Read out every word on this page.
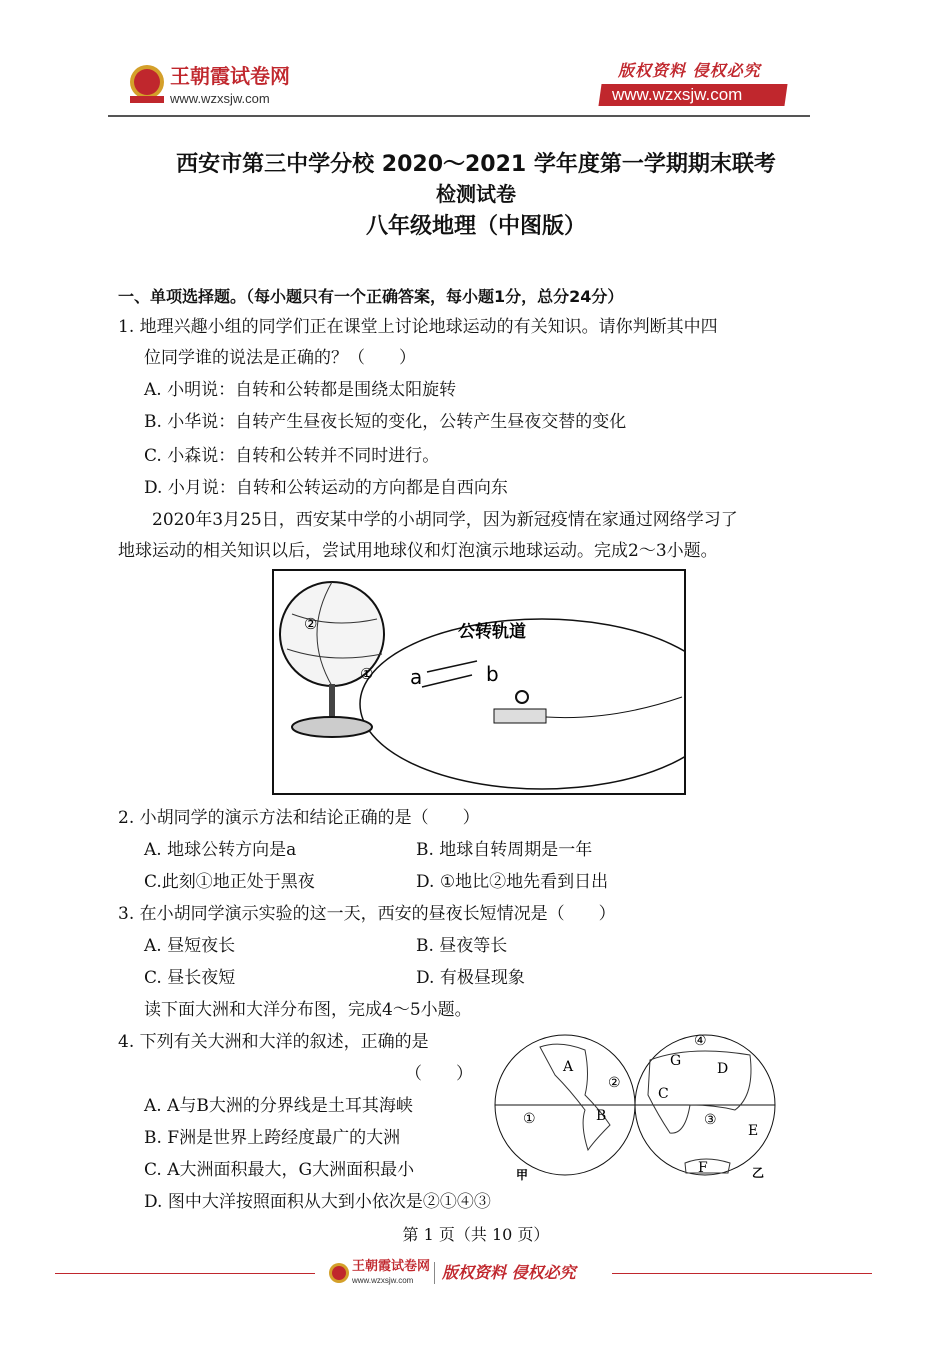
王朝霞试卷网
www.wzxsjw.com
版权资料 侵权必究
www.wzxsjw.com
西安市第三中学分校 2020～2021 学年度第一学期期末联考
检测试卷
八年级地理（中图版）
一、单项选择题。（每小题只有一个正确答案，每小题1分，总分24分）
1. 地理兴趣小组的同学们正在课堂上讨论地球运动的有关知识。请你判断其中四
位同学谁的说法是正确的？（　　）
A. 小明说：自转和公转都是围绕太阳旋转
B. 小华说：自转产生昼夜长短的变化，公转产生昼夜交替的变化
C. 小森说：自转和公转并不同时进行。
D. 小月说：自转和公转运动的方向都是自西向东
2020年3月25日，西安某中学的小胡同学，因为新冠疫情在家通过网络学习了
地球运动的相关知识以后，尝试用地球仪和灯泡演示地球运动。完成2～3小题。
公转轨道
a	b
①
②
2. 小胡同学的演示方法和结论正确的是（　　）
A. 地球公转方向是a	B. 地球自转周期是一年
C.此刻①地正处于黑夜	D. ①地比②地先看到日出
3. 在小胡同学演示实验的这一天，西安的昼夜长短情况是（　　）
A. 昼短夜长	B. 昼夜等长
C. 昼长夜短	D. 有极昼现象
读下面大洲和大洋分布图，完成4～5小题。
4. 下列有关大洲和大洋的叙述，正确的是
（　　）
A. A与B大洲的分界线是土耳其海峡
B. F洲是世界上跨经度最广的大洲
C. A大洲面积最大，G大洲面积最小
D. 图中大洋按照面积从大到小依次是②①④③
A
B
C
D
E
F
G
①
②
③
④
甲	乙
第 1 页（共 10 页）
王朝霞试卷网
www.wzxsjw.com 版权资料 侵权必究
